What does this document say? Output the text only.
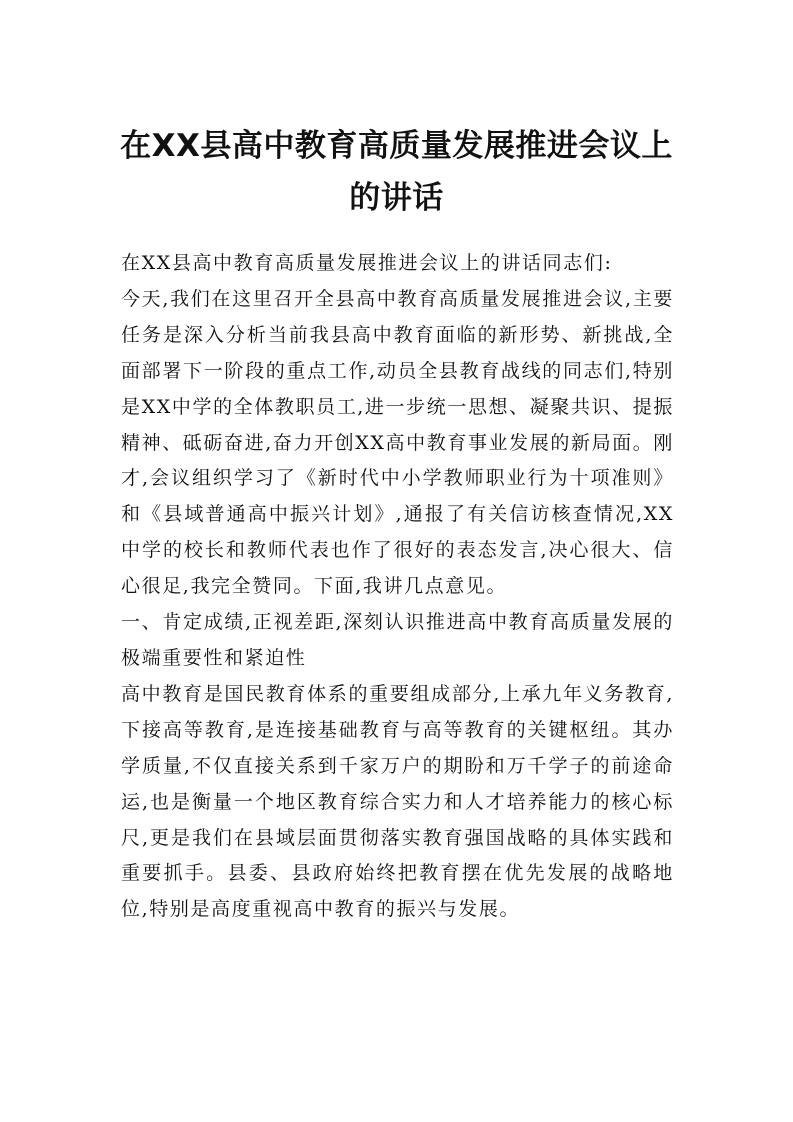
在XX县高中教育高质量发展推进会议上的讲话

在XX县高中教育高质量发展推进会议上的讲话同志们:

今天,我们在这里召开全县高中教育高质量发展推进会议,主要任务是深入分析当前我县高中教育面临的新形势、新挑战,全面部署下一阶段的重点工作,动员全县教育战线的同志们,特别是XX中学的全体教职员工,进一步统一思想、凝聚共识、提振精神、砥砺奋进,奋力开创XX高中教育事业发展的新局面。刚才,会议组织学习了《新时代中小学教师职业行为十项准则》和《县域普通高中振兴计划》,通报了有关信访核查情况,XX中学的校长和教师代表也作了很好的表态发言,决心很大、信心很足,我完全赞同。下面,我讲几点意见。

一、肯定成绩,正视差距,深刻认识推进高中教育高质量发展的极端重要性和紧迫性

高中教育是国民教育体系的重要组成部分,上承九年义务教育,下接高等教育,是连接基础教育与高等教育的关键枢纽。其办学质量,不仅直接关系到千家万户的期盼和万千学子的前途命运,也是衡量一个地区教育综合实力和人才培养能力的核心标尺,更是我们在县域层面贯彻落实教育强国战略的具体实践和重要抓手。县委、县政府始终把教育摆在优先发展的战略地位,特别是高度重视高中教育的振兴与发展。
